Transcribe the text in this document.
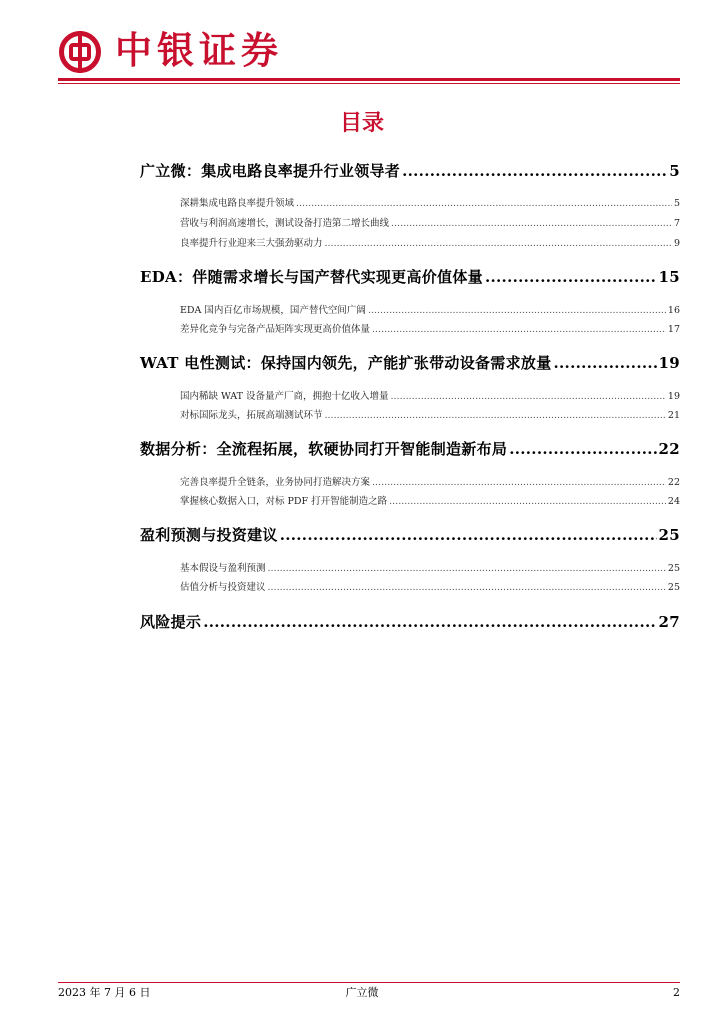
中银证券
目录
广立微：集成电路良率提升行业领导者 .....	5
深耕集成电路良率提升领域 .....	5
营收与利润高速增长，测试设备打造第二增长曲线 .....	7
良率提升行业迎来三大强劲驱动力 .....	9
EDA：伴随需求增长与国产替代实现更高价值体量 .....	15
EDA 国内百亿市场规模，国产替代空间广阔 .....	16
差异化竞争与完备产品矩阵实现更高价值体量 .....	17
WAT 电性测试：保持国内领先，产能扩张带动设备需求放量 .....	19
国内稀缺 WAT 设备量产厂商，拥抱十亿收入增量 .....	19
对标国际龙头，拓展高端测试环节 .....	21
数据分析：全流程拓展，软硬协同打开智能制造新布局 .....	22
完善良率提升全链条，业务协同打造解决方案 .....	22
掌握核心数据入口，对标 PDF 打开智能制造之路 .....	24
盈利预测与投资建议 .....	25
基本假设与盈利预测 .....	25
估值分析与投资建议 .....	25
风险提示 .....	27
2023 年 7 月 6 日	广立微	2
